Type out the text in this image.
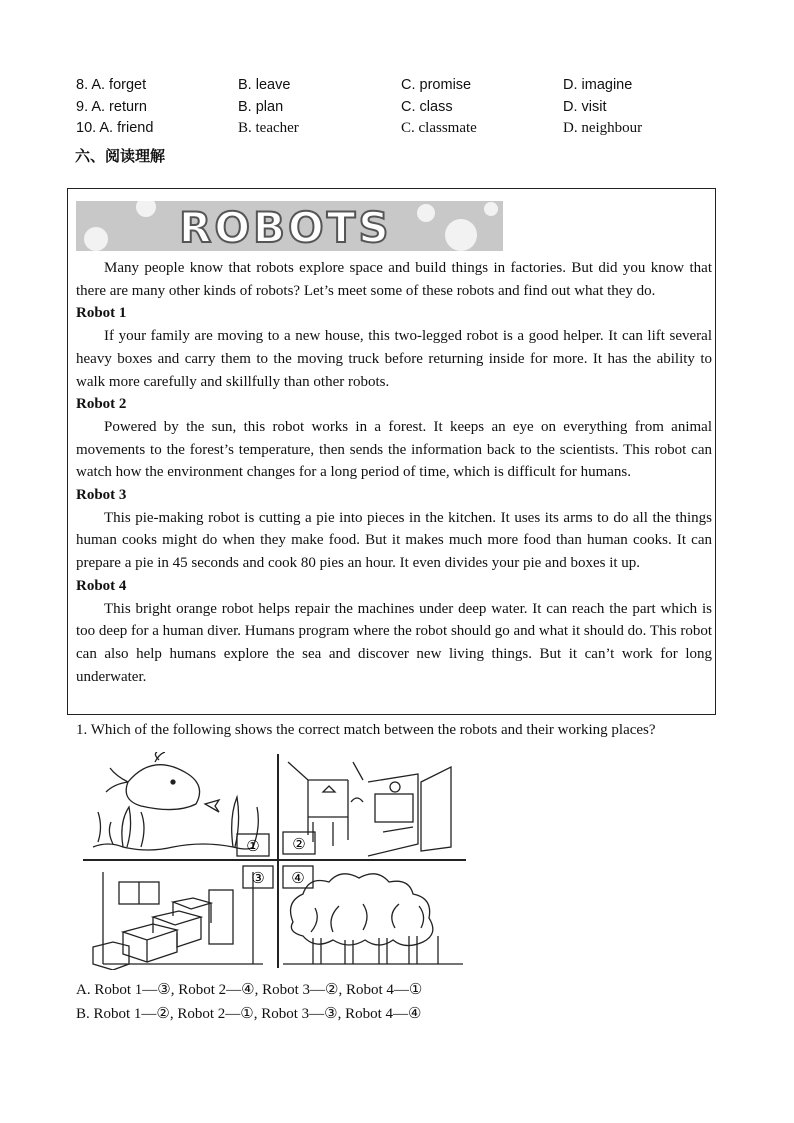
8. A. forget	B. leave	C. promise	D. imagine
9. A. return	B. plan	C. class	D. visit
10. A. friend	B. teacher	C. classmate	D. neighbour
六、阅读理解
ROBOTS

Many people know that robots explore space and build things in factories. But did you know that there are many other kinds of robots? Let’s meet some of these robots and find out what they do.

Robot 1

If your family are moving to a new house, this two-legged robot is a good helper. It can lift several heavy boxes and carry them to the moving truck before returning inside for more. It has the ability to walk more carefully and skillfully than other robots.

Robot 2

Powered by the sun, this robot works in a forest. It keeps an eye on everything from animal movements to the forest’s temperature, then sends the information back to the scientists. This robot can watch how the environment changes for a long period of time, which is difficult for humans.

Robot 3

This pie-making robot is cutting a pie into pieces in the kitchen. It uses its arms to do all the things human cooks might do when they make food. But it makes much more food than human cooks. It can prepare a pie in 45 seconds and cook 80 pies an hour. It even divides your pie and boxes it up.

Robot 4

This bright orange robot helps repair the machines under deep water. It can reach the part which is too deep for a human diver. Humans program where the robot should go and what it should do. This robot can also help humans explore the sea and discover new living things. But it can’t work for long underwater.

1. Which of the following shows the correct match between the robots and their working places?
① ②
③ ④
A. Robot 1—③, Robot 2—④, Robot 3—②, Robot 4—①
B. Robot 1—②, Robot 2—①, Robot 3—③, Robot 4—④
